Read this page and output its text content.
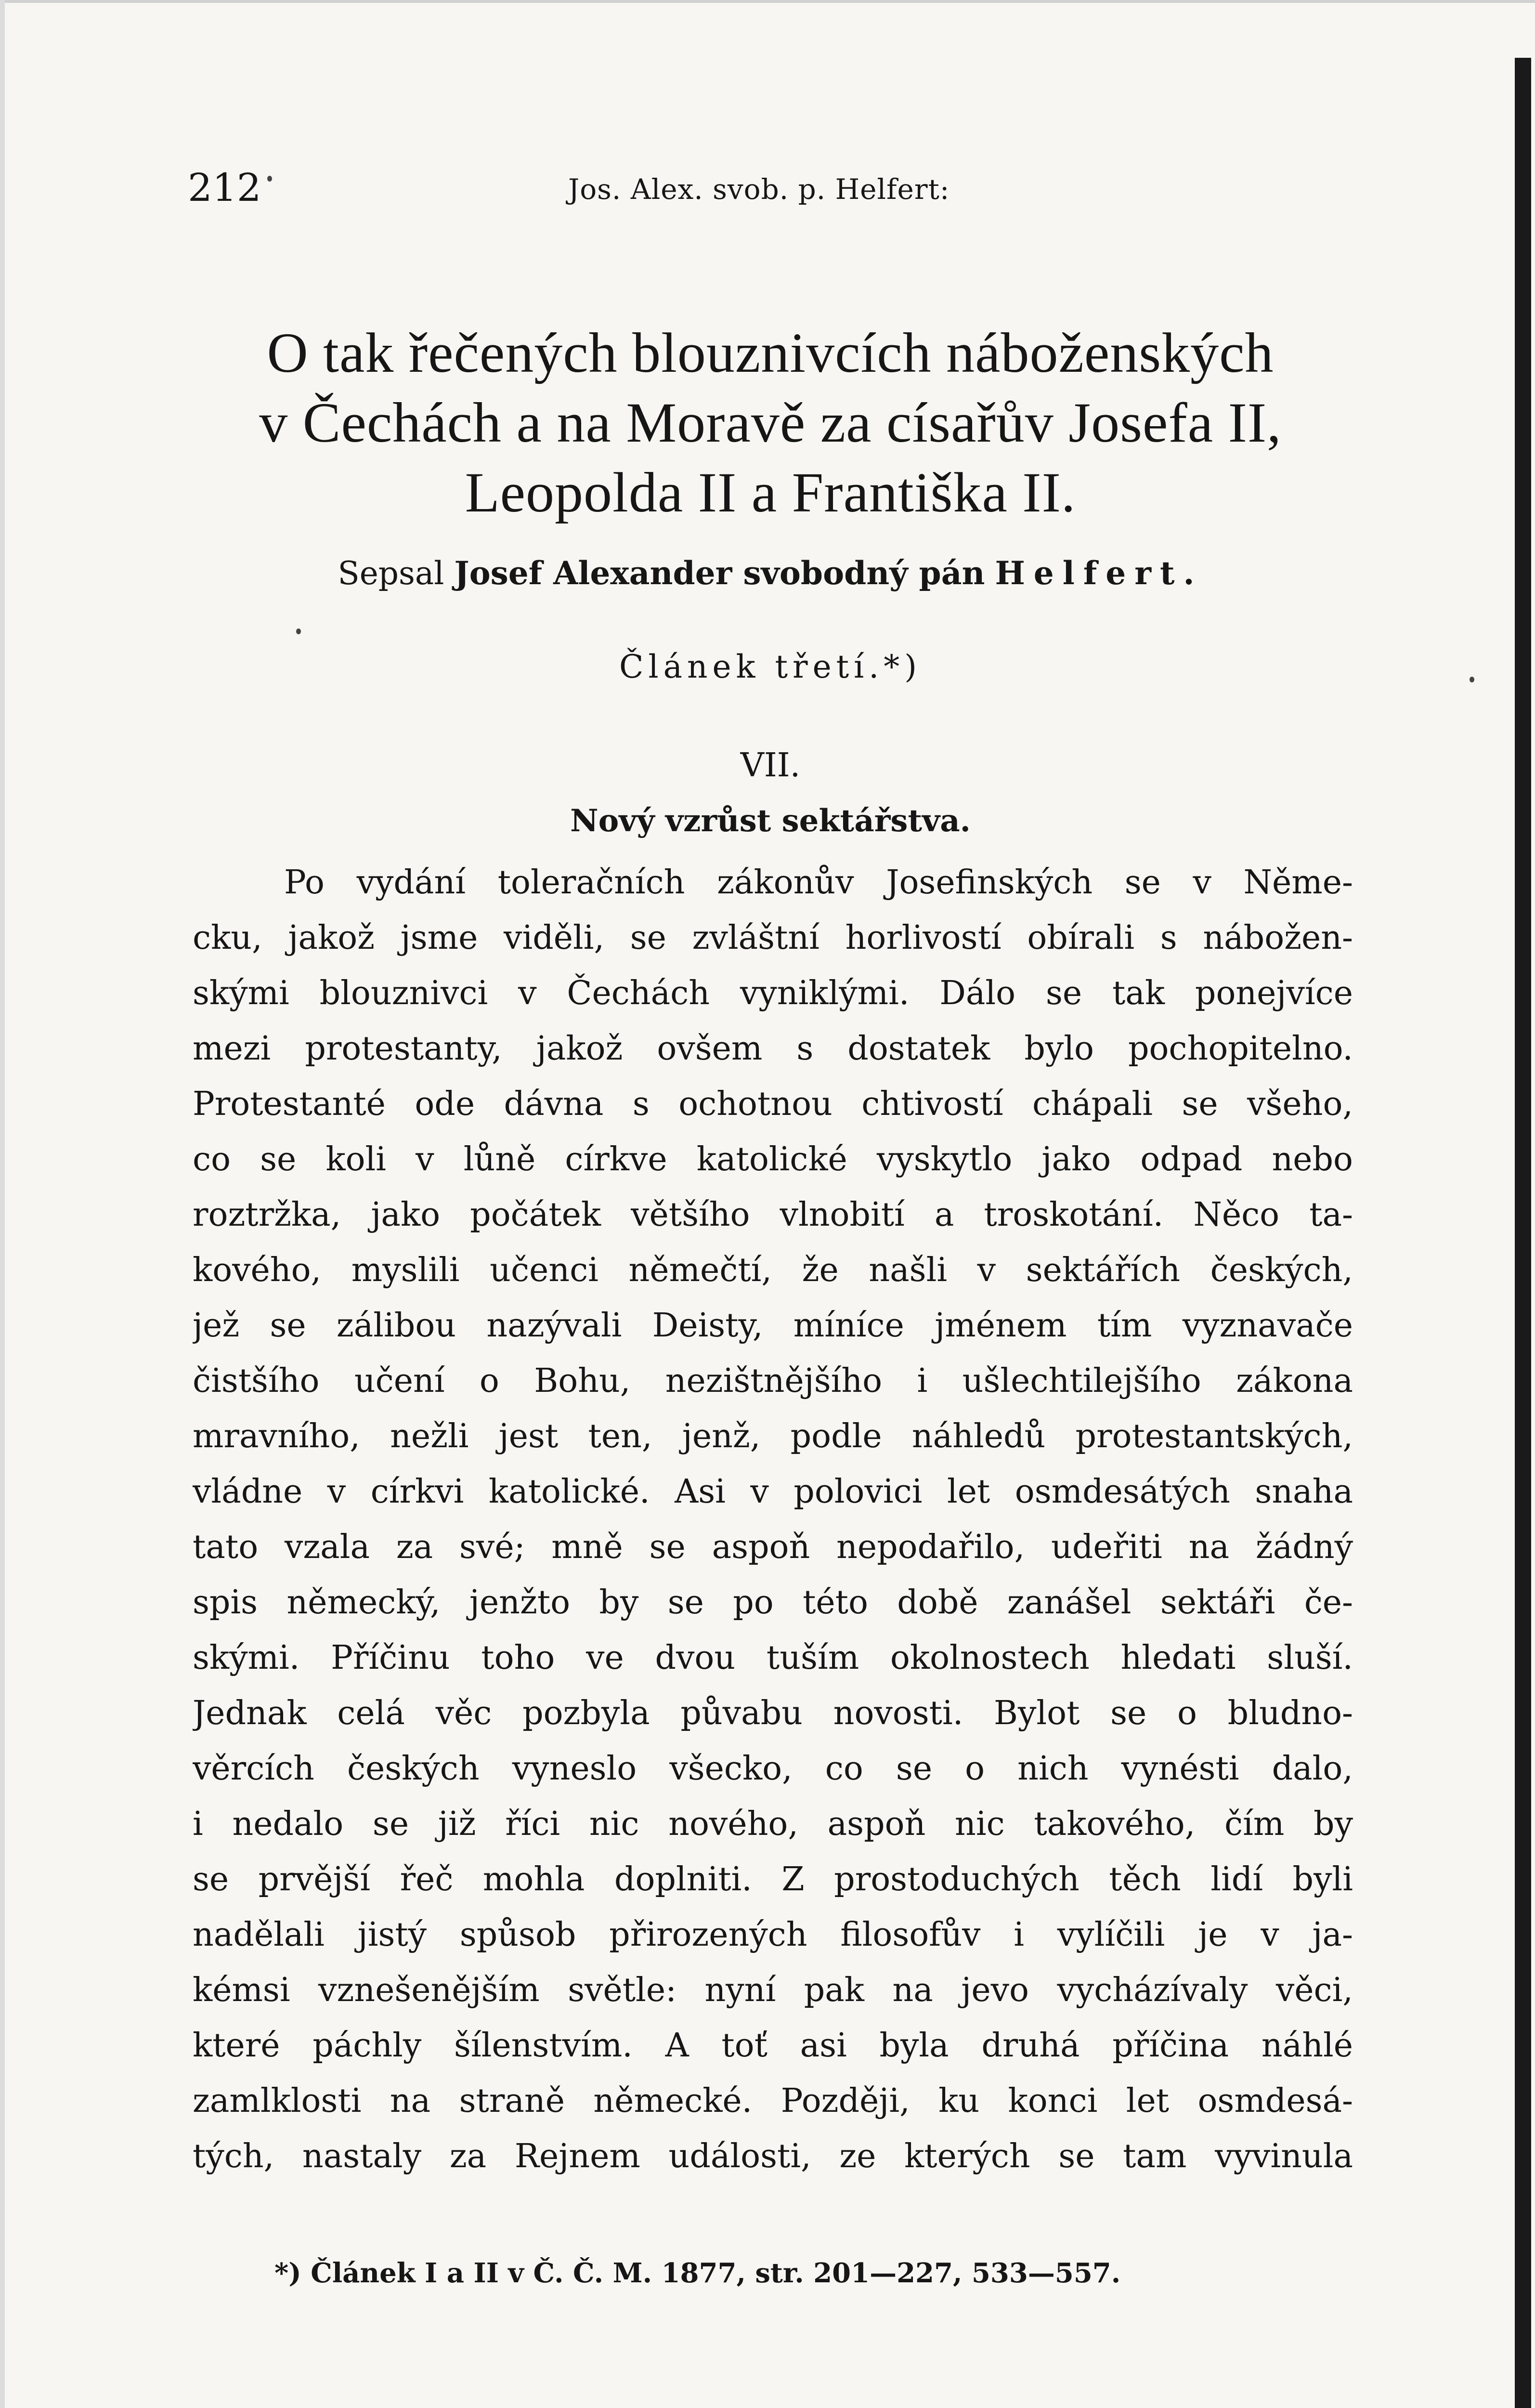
212	Jos. Alex. svob. p. Helfert:
O tak řečených blouznivcích náboženských
v Čechách a na Moravě za císařův Josefa II,
Leopolda II a Františka II.
Sepsal Josef Alexander svobodný pán Helfert.
Článek třetí.*)
VII.
Nový vzrůst sektářstva.
Po vydání toleračních zákonův Josefinských se v Něme-
cku, jakož jsme viděli, se zvláštní horlivostí obírali s nábožen-
skými blouznivci v Čechách vyniklými. Dálo se tak ponejvíce
mezi protestanty, jakož ovšem s dostatek bylo pochopitelno.
Protestanté ode dávna s ochotnou chtivostí chápali se všeho,
co se koli v lůně církve katolické vyskytlo jako odpad nebo
roztržka, jako počátek většího vlnobití a troskotání. Něco ta-
kového, myslili učenci němečtí, že našli v sektářích českých,
jež se zálibou nazývali Deisty, míníce jménem tím vyznavače
čistšího učení o Bohu, nezištnějšího i ušlechtilejšího zákona
mravního, nežli jest ten, jenž, podle náhledů protestantských,
vládne v církvi katolické. Asi v polovici let osmdesátých snaha
tato vzala za své; mně se aspoň nepodařilo, udeřiti na žádný
spis německý, jenžto by se po této době zanášel sektáři če-
skými. Příčinu toho ve dvou tuším okolnostech hledati sluší.
Jednak celá věc pozbyla půvabu novosti. Bylot se o bludno-
věrcích českých vyneslo všecko, co se o nich vynésti dalo,
i nedalo se již říci nic nového, aspoň nic takového, čím by
se prvější řeč mohla doplniti. Z prostoduchých těch lidí byli
nadělali jistý spůsob přirozených filosofův i vylíčili je v ja-
kémsi vznešenějším světle: nyní pak na jevo vycházívaly věci,
které páchly šílenstvím. A toť asi byla druhá příčina náhlé
zamlklosti na straně německé. Později, ku konci let osmdesá-
tých, nastaly za Rejnem události, ze kterých se tam vyvinula
*) Článek I a II v Č. Č. M. 1877, str. 201—227, 533—557.
